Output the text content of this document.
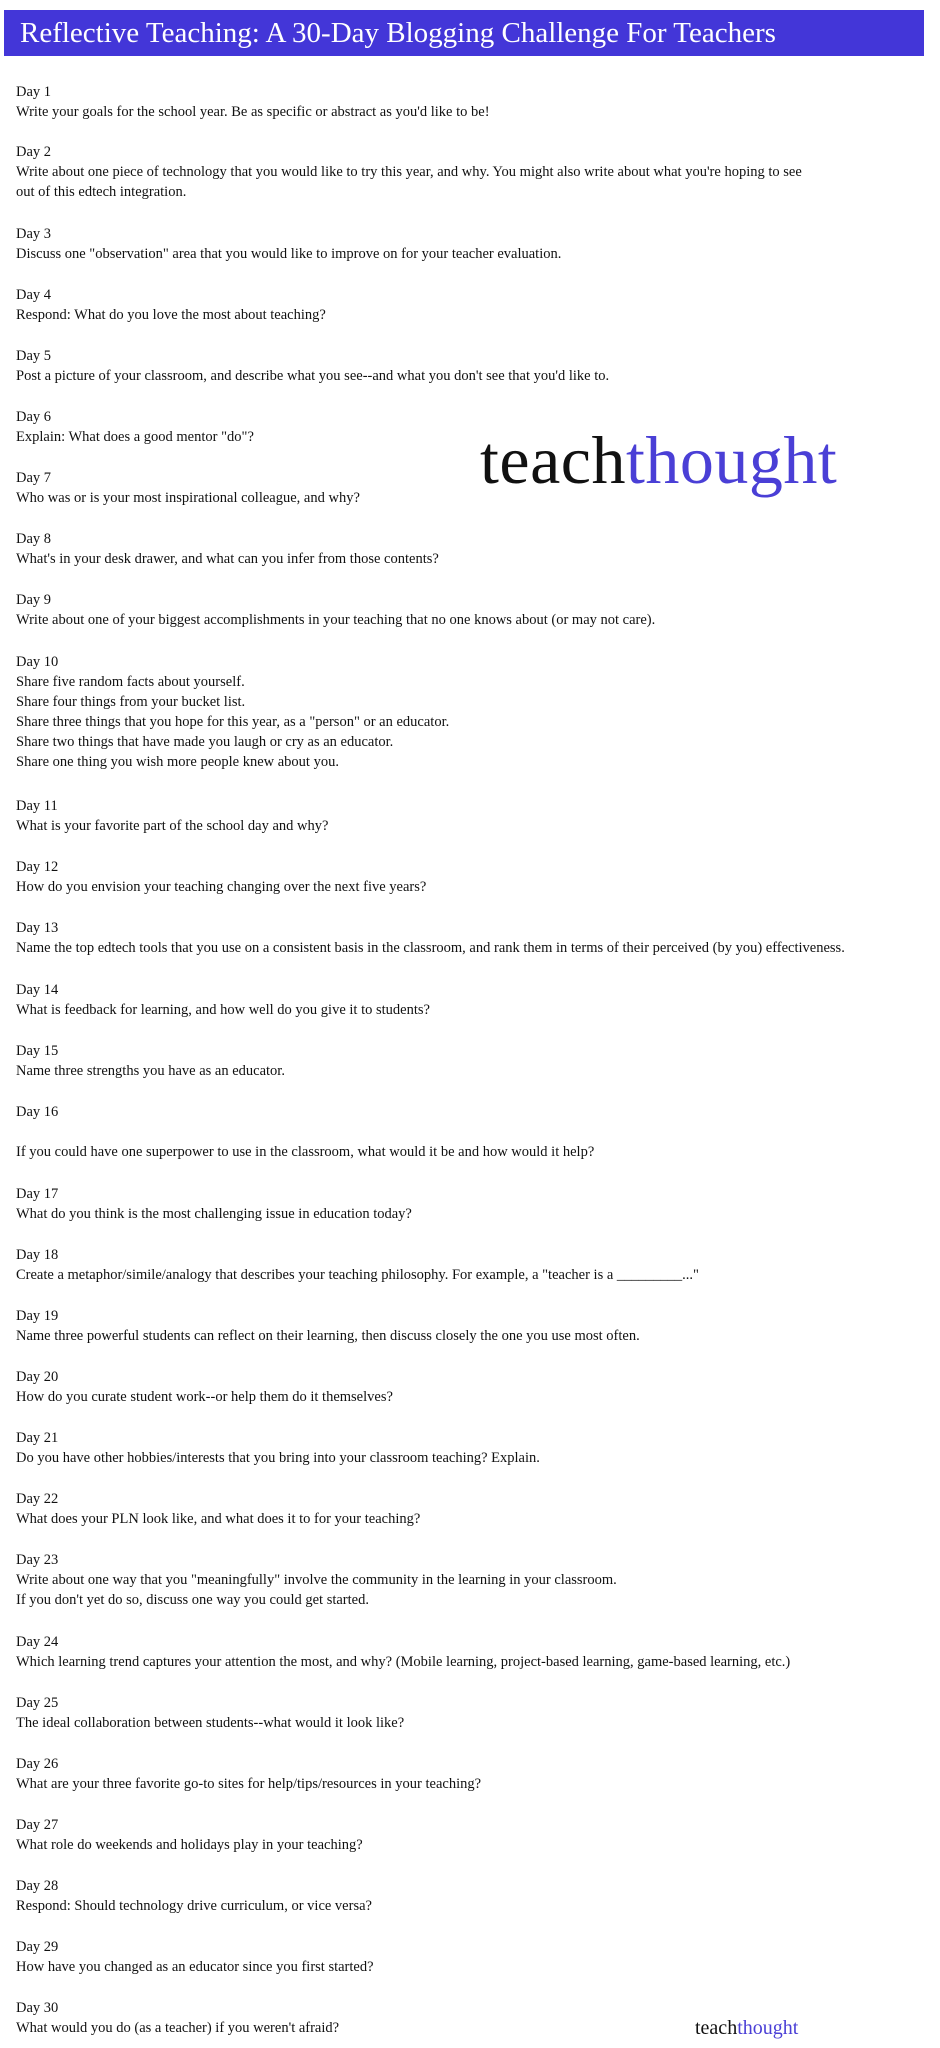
Reflective Teaching: A 30-Day Blogging Challenge For Teachers
Day 1
Write your goals for the school year. Be as specific or abstract as you'd like to be!
Day 2
Write about one piece of technology that you would like to try this year, and why. You might also write about what you're hoping to see
out of this edtech integration.
Day 3
Discuss one "observation" area that you would like to improve on for your teacher evaluation.
Day 4
Respond: What do you love the most about teaching?
Day 5
Post a picture of your classroom, and describe what you see--and what you don't see that you'd like to.
Day 6
Explain: What does a good mentor "do"?
Day 7
Who was or is your most inspirational colleague, and why?
Day 8
What's in your desk drawer, and what can you infer from those contents?
Day 9
Write about one of your biggest accomplishments in your teaching that no one knows about (or may not care).
Day 10
Share five random facts about yourself.
Share four things from your bucket list.
Share three things that you hope for this year, as a "person" or an educator.
Share two things that have made you laugh or cry as an educator.
Share one thing you wish more people knew about you.
Day 11
What is your favorite part of the school day and why?
Day 12
How do you envision your teaching changing over the next five years?
Day 13
Name the top edtech tools that you use on a consistent basis in the classroom, and rank them in terms of their perceived (by you) effectiveness.
Day 14
What is feedback for learning, and how well do you give it to students?
Day 15
Name three strengths you have as an educator.
Day 16

If you could have one superpower to use in the classroom, what would it be and how would it help?
Day 17
What do you think is the most challenging issue in education today?
Day 18
Create a metaphor/simile/analogy that describes your teaching philosophy. For example, a "teacher is a _________..."
Day 19
Name three powerful students can reflect on their learning, then discuss closely the one you use most often.
Day 20
How do you curate student work--or help them do it themselves?
Day 21
Do you have other hobbies/interests that you bring into your classroom teaching? Explain.
Day 22
What does your PLN look like, and what does it to for your teaching?
Day 23
Write about one way that you "meaningfully" involve the community in the learning in your classroom.
If you don't yet do so, discuss one way you could get started.
Day 24
Which learning trend captures your attention the most, and why? (Mobile learning, project-based learning, game-based learning, etc.)
Day 25
The ideal collaboration between students--what would it look like?
Day 26
What are your three favorite go-to sites for help/tips/resources in your teaching?
Day 27
What role do weekends and holidays play in your teaching?
Day 28
Respond: Should technology drive curriculum, or vice versa?
Day 29
How have you changed as an educator since you first started?
Day 30
What would you do (as a teacher) if you weren't afraid?
teachthought
teachthought
